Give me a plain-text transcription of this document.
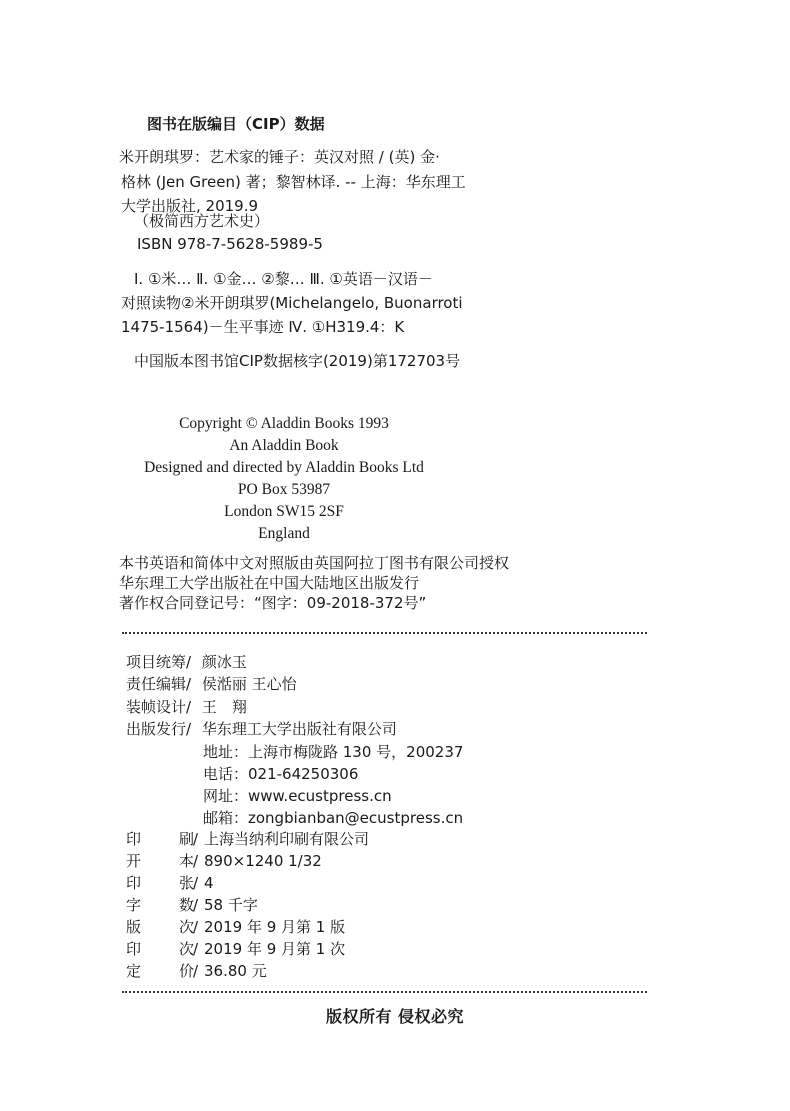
图书在版编目（CIP）数据
米开朗琪罗：艺术家的锤子：英汉对照 / (英) 金·
格林 (Jen Green) 著；黎智林译. -- 上海：华东理工
大学出版社, 2019.9
（极简西方艺术史）
ISBN 978-7-5628-5989-5
Ⅰ. ①米… Ⅱ. ①金… ②黎… Ⅲ. ①英语－汉语－
对照读物②米开朗琪罗(Michelangelo, Buonarroti
1475-1564)－生平事迹 Ⅳ. ①H319.4：K
中国版本图书馆CIP数据核字(2019)第172703号
Copyright © Aladdin Books 1993
An Aladdin Book
Designed and directed by Aladdin Books Ltd
PO Box 53987
London SW15 2SF
England
本书英语和简体中文对照版由英国阿拉丁图书有限公司授权
华东理工大学出版社在中国大陆地区出版发行
著作权合同登记号：“图字：09-2018-372号”
项目统筹/ 颜冰玉
责任编辑/ 侯湉丽 王心怡
装帧设计/ 王　翔
出版发行/ 华东理工大学出版社有限公司
地址：上海市梅陇路 130 号，200237
电话：021-64250306
网址：www.ecustpress.cn
邮箱：zongbianban@ecustpress.cn
印	刷 / 上海当纳利印刷有限公司
开	本 / 890×1240 1/32
印	张 / 4
字	数 / 58 千字
版	次 / 2019 年 9 月第 1 版
印	次 / 2019 年 9 月第 1 次
定	价 / 36.80 元
版权所有 侵权必究
